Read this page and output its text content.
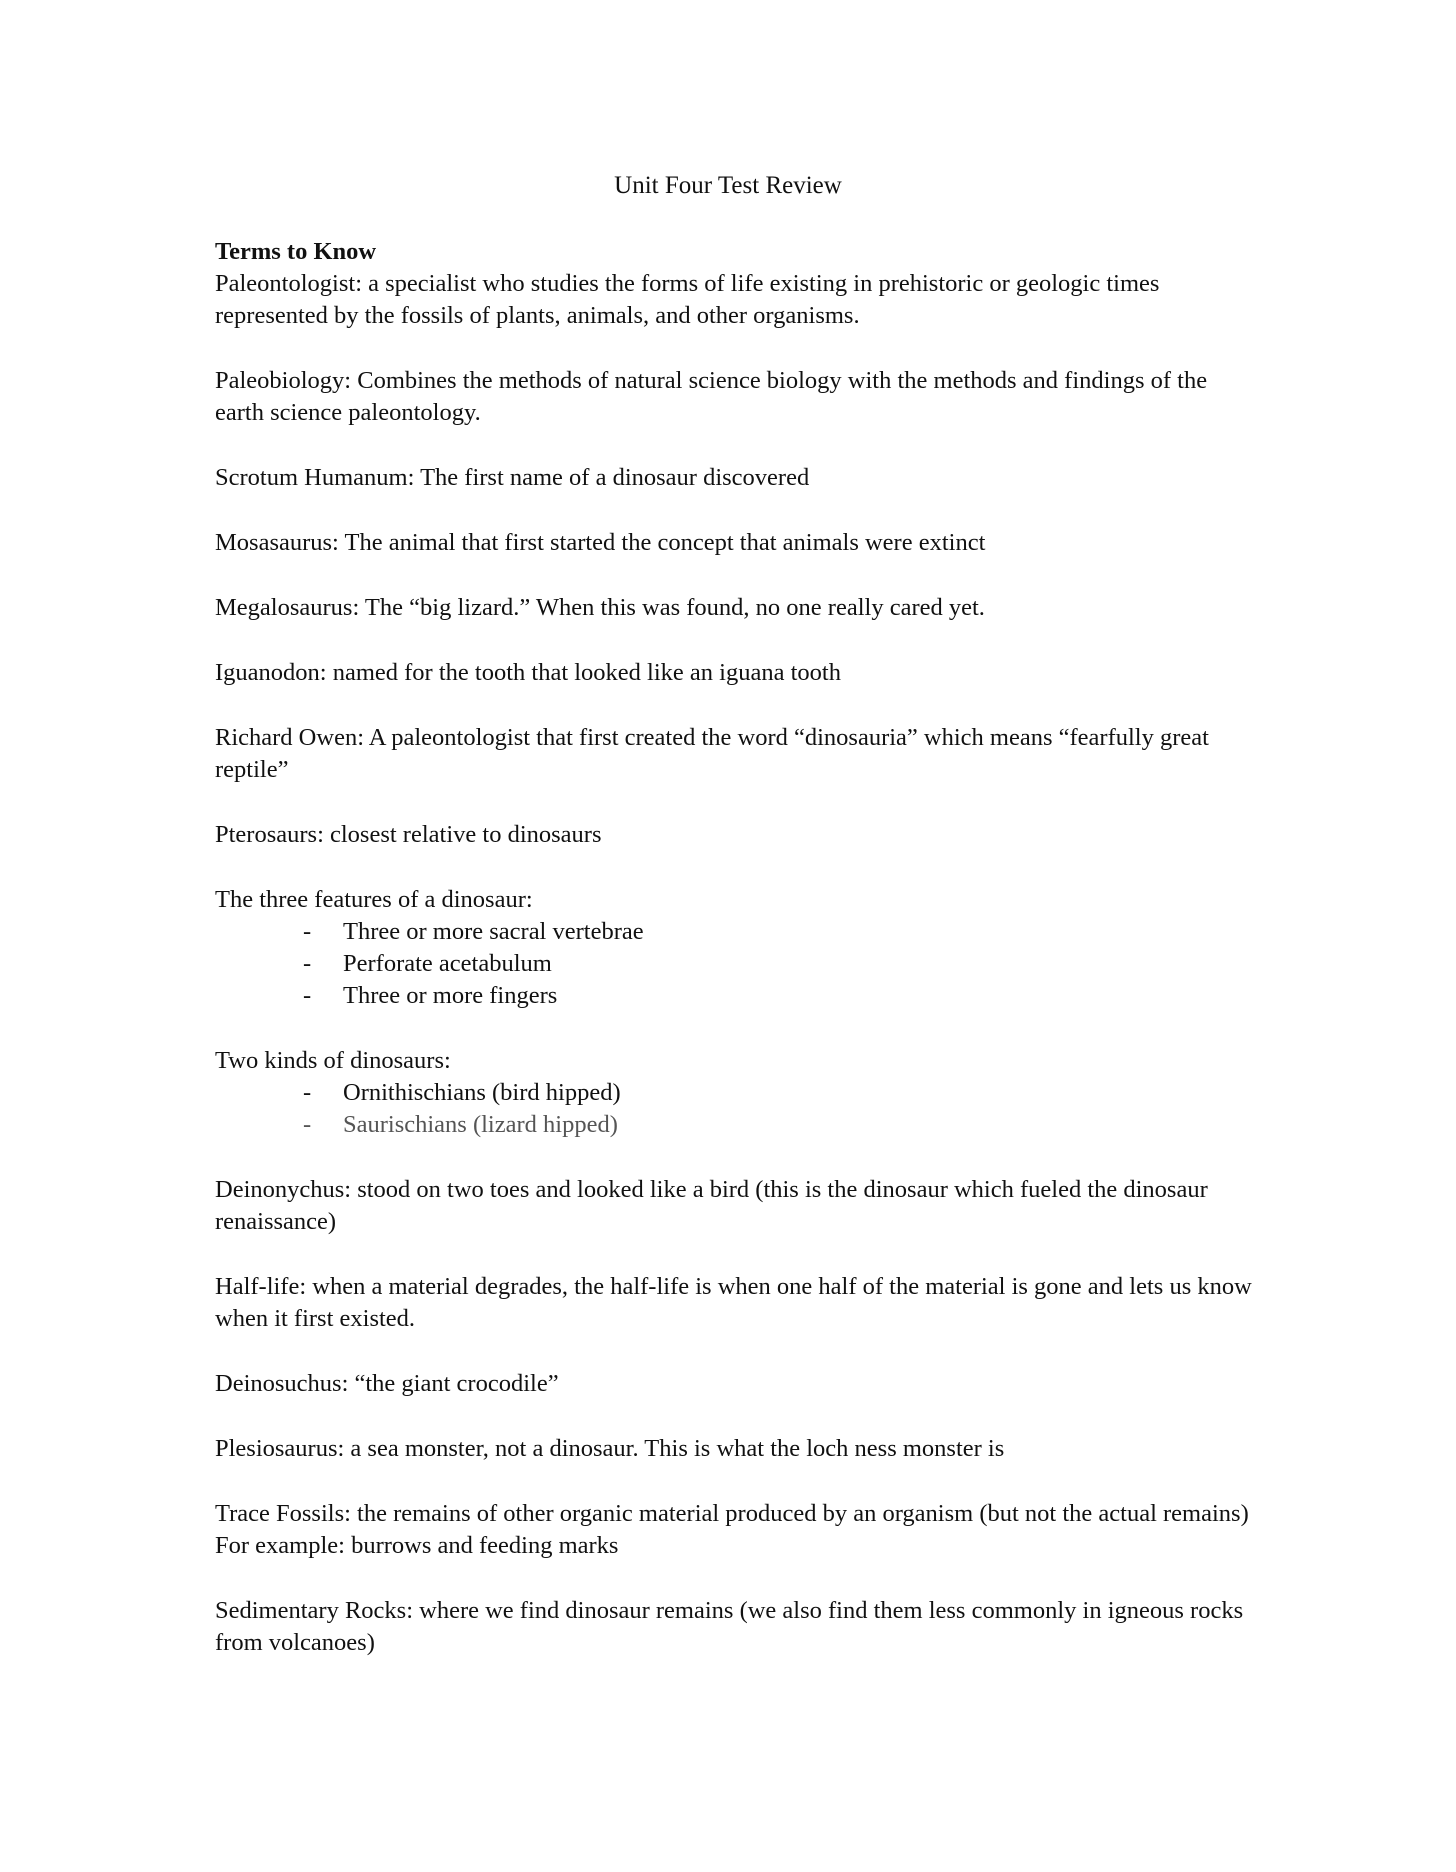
Unit Four Test Review

Terms to Know

Paleontologist: a specialist who studies the forms of life existing in prehistoric or geologic times represented by the fossils of plants, animals, and other organisms.

Paleobiology: Combines the methods of natural science biology with the methods and findings of the earth science paleontology.

Scrotum Humanum: The first name of a dinosaur discovered

Mosasaurus: The animal that first started the concept that animals were extinct

Megalosaurus: The “big lizard.” When this was found, no one really cared yet.

Iguanodon: named for the tooth that looked like an iguana tooth

Richard Owen: A paleontologist that first created the word “dinosauria” which means “fearfully great reptile”

Pterosaurs: closest relative to dinosaurs

The three features of a dinosaur:

- Three or more sacral vertebrae
- Perforate acetabulum
- Three or more fingers

Two kinds of dinosaurs:

- Ornithischians (bird hipped)
- Saurischians (lizard hipped)

Deinonychus: stood on two toes and looked like a bird (this is the dinosaur which fueled the dinosaur renaissance)

Half-life: when a material degrades, the half-life is when one half of the material is gone and lets us know when it first existed.

Deinosuchus: “the giant crocodile”

Plesiosaurus: a sea monster, not a dinosaur. This is what the loch ness monster is

Trace Fossils: the remains of other organic material produced by an organism (but not the actual remains) For example: burrows and feeding marks

Sedimentary Rocks: where we find dinosaur remains (we also find them less commonly in igneous rocks from volcanoes)
